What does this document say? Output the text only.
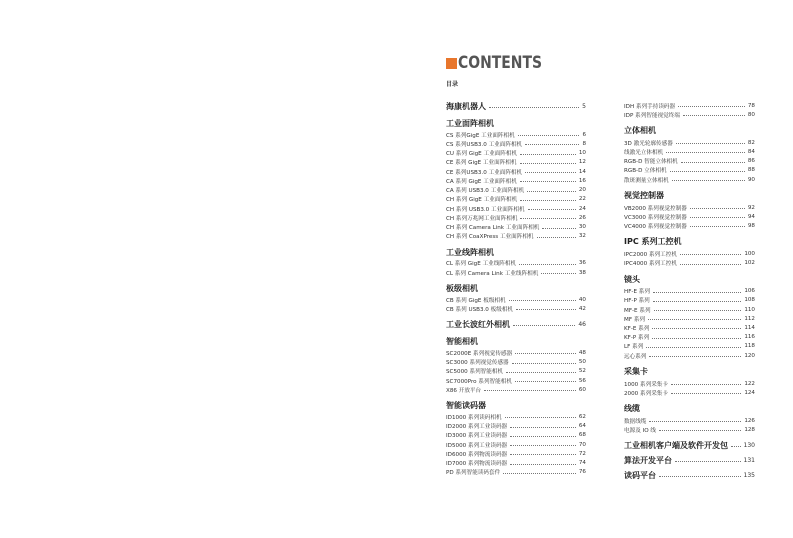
CONTENTS
目录
海康机器人	5
工业面阵相机
CS 系列GigE 工业面阵相机	6
CS 系列USB3.0 工业面阵相机	8
CU 系列 GigE 工业面阵相机	10
CE 系列 GigE 工业面阵相机	12
CE 系列USB3.0 工业面阵相机	14
CA 系列 GigE 工业面阵相机	16
CA 系列 USB3.0 工业面阵相机	20
CH 系列 GigE 工业面阵相机	22
CH 系列 USB3.0 工业面阵相机	24
CH 系列万兆网工业面阵相机	26
CH 系列 Camera Link 工业面阵相机	30
CH 系列 CoaXPress 工业面阵相机	32
工业线阵相机
CL 系列 GigE 工业线阵相机	36
CL 系列 Camera Link 工业线阵相机	38
板级相机
CB 系列 GigE 板级相机	40
CB 系列 USB3.0 板级相机	42
工业长波红外相机	46
智能相机
SC2000E 系列视觉传感器	48
SC3000 系列视觉传感器	50
SC5000 系列智能相机	52
SC7000Pro 系列智能相机	56
X86 开放平台	60
智能读码器
ID1000 系列读码相机	62
ID2000 系列工业读码器	64
ID3000 系列工业读码器	68
ID5000 系列工业读码器	70
ID6000 系列物流读码器	72
ID7000 系列物流读码器	74
PD 系列智能读码套件	76
IDH 系列手持读码器	78
IDP 系列智能视觉终端	80
立体相机
3D 激光轮廓传感器	82
线激光立体相机	84
RGB-D 智能立体相机	86
RGB-D 立体相机	88
散斑测量立体相机	90
视觉控制器
VB2000 系列视觉控制器	92
VC3000 系列视觉控制器	94
VC4000 系列视觉控制器	98
IPC 系列工控机
IPC2000 系列工控机	100
IPC4000 系列工控机	102
镜头
HF-E 系列	106
HF-P 系列	108
MF-E 系列	110
MF 系列	112
KF-E 系列	114
KF-P 系列	116
LF 系列	118
远心系列	120
采集卡
1000 系列采集卡	122
2000 系列采集卡	124
线缆
数据线缆	126
电源及 IO 线	128
工业相机客户端及软件开发包	130
算法开发平台	131
读码平台	135
